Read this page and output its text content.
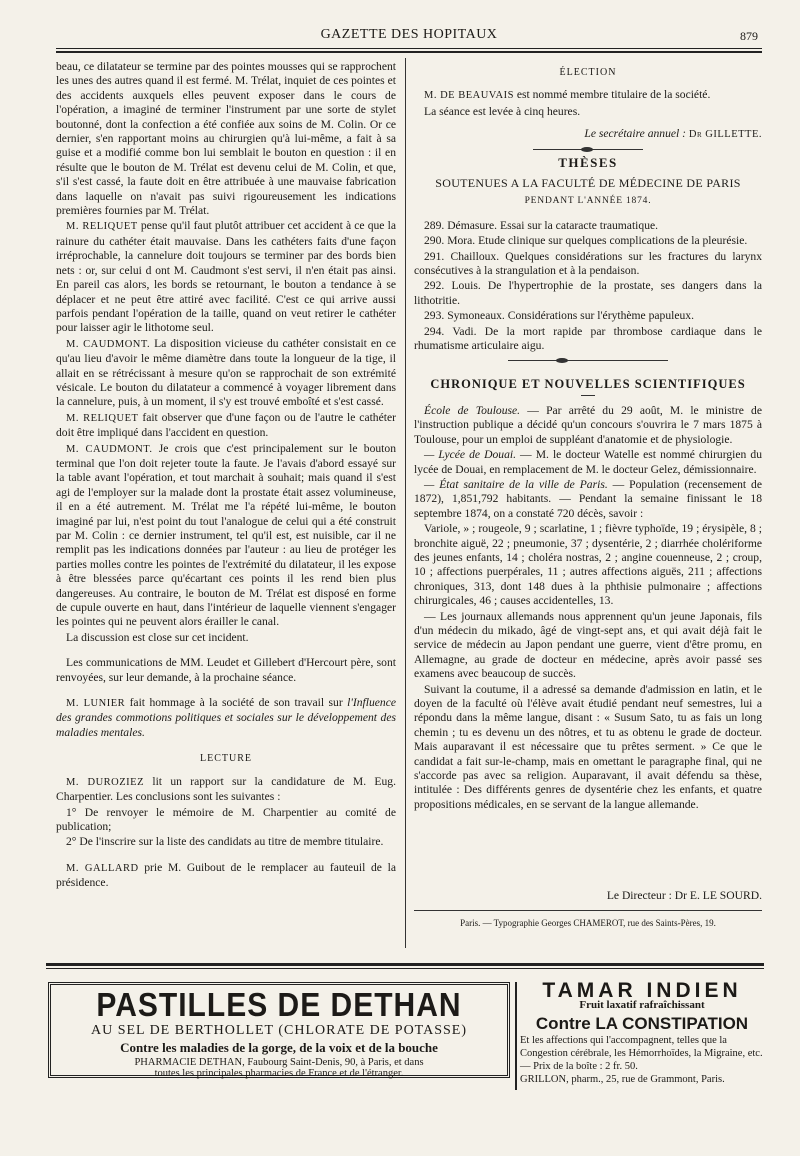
GAZETTE DES HOPITAUX	879

beau, ce dilatateur se termine par des pointes mousses qui se rapprochent les unes des autres quand il est fermé. M. Trélat, inquiet de ces pointes et des accidents auxquels elles peuvent exposer dans le cours de l'opération, a imaginé de terminer l'instrument par une sorte de stylet boutonné, dont la confection a été confiée aux soins de M. Colin. Or ce dernier, s'en rapportant moins au chirurgien qu'à lui-même, a fait à sa guise et a modifié comme bon lui semblait le bouton en question : il en résulte que le bouton de M. Trélat est devenu celui de M. Colin, et que, s'il s'est cassé, la faute doit en être attribuée à une mauvaise fabrication dans laquelle on n'avait pas suivi rigoureusement les indications premières fournies par M. Trélat.

M. RELIQUET pense qu'il faut plutôt attribuer cet accident à ce que la rainure du cathéter était mauvaise. Dans les cathéters faits d'une façon irréprochable, la cannelure doit toujours se terminer par des bords bien nets : or, sur celui d ont M. Caudmont s'est servi, il n'en était pas ainsi. En pareil cas alors, les bords se retournant, le bouton a tendance à se déplacer et ne peut être attiré avec facilité. C'est ce qui arrive aussi parfois pendant l'opération de la taille, quand on veut retirer le cathéter pour laisser agir le lithotome seul.

M. CAUDMONT. La disposition vicieuse du cathéter consistait en ce qu'au lieu d'avoir le même diamètre dans toute la longueur de la tige, il allait en se rétrécissant à mesure qu'on se rapprochait de son extrémité vésicale. Le bouton du dilatateur a commencé à voyager librement dans la cannelure, puis, à un moment, il s'y est trouvé emboîté et s'est cassé.

M. RELIQUET fait observer que d'une façon ou de l'autre le cathéter doit être impliqué dans l'accident en question.

M. CAUDMONT. Je crois que c'est principalement sur le bouton terminal que l'on doit rejeter toute la faute. Je l'avais d'abord essayé sur la table avant l'opération, et tout marchait à souhait; mais quand il s'est agi de l'employer sur la malade dont la prostate était assez volumineuse, il en a été autrement. M. Trélat me l'a répété lui-même, le bouton imaginé par lui, n'est point du tout l'analogue de celui qui a été construit par M. Colin : ce dernier instrument, tel qu'il est, est nuisible, car il ne remplit pas les indications données par l'auteur : au lieu de protéger les parties molles contre les pointes de l'extrémité du dilatateur, il les expose à être blessées parce qu'écartant ces points il les rend bien plus dangereuses. Au contraire, le bouton de M. Trélat est disposé en forme de cupule ouverte en haut, dans l'intérieur de laquelle viennent s'engager les pointes qui ne peuvent alors érailler le canal.

La discussion est close sur cet incident.

Les communications de MM. Leudet et Gillebert d'Hercourt père, sont renvoyées, sur leur demande, à la prochaine séance.

M. LUNIER fait hommage à la société de son travail sur l'Influence des grandes commotions politiques et sociales sur le développement des maladies mentales.

LECTURE

M. DUROZIEZ lit un rapport sur la candidature de M. Eug. Charpentier. Les conclusions sont les suivantes :

1° De renvoyer le mémoire de M. Charpentier au comité de publication;

2° De l'inscrire sur la liste des candidats au titre de membre titulaire.

M. GALLARD prie M. Guibout de le remplacer au fauteuil de la présidence.

ÉLECTION

M. DE BEAUVAIS est nommé membre titulaire de la société.

La séance est levée à cinq heures.

Le secrétaire annuel : Dr GILLETTE.

THÈSES
SOUTENUES A LA FACULTÉ DE MÉDECINE DE PARIS
PENDANT L'ANNÉE 1874.

289. Démasure. Essai sur la cataracte traumatique.

290. Mora. Etude clinique sur quelques complications de la pleurésie.

291. Chailloux. Quelques considérations sur les fractures du larynx consécutives à la strangulation et à la pendaison.

292. Louis. De l'hypertrophie de la prostate, ses dangers dans la lithotritie.

293. Symoneaux. Considérations sur l'érythème papuleux.

294. Vadi. De la mort rapide par thrombose cardiaque dans le rhumatisme articulaire aigu.

CHRONIQUE ET NOUVELLES SCIENTIFIQUES

École de Toulouse. — Par arrêté du 29 août, M. le ministre de l'instruction publique a décidé qu'un concours s'ouvrira le 7 mars 1875 à Toulouse, pour un emploi de suppléant d'anatomie et de physiologie.

— Lycée de Douai. — M. le docteur Watelle est nommé chirurgien du lycée de Douai, en remplacement de M. le docteur Gelez, démissionnaire.

— État sanitaire de la ville de Paris. — Population (recensement de 1872), 1,851,792 habitants. — Pendant la semaine finissant le 18 septembre 1874, on a constaté 720 décès, savoir :

Variole, » ; rougeole, 9 ; scarlatine, 1 ; fièvre typhoïde, 19 ; érysipèle, 8 ; bronchite aiguë, 22 ; pneumonie, 37 ; dysentérie, 2 ; diarrhée cholériforme des jeunes enfants, 14 ; choléra nostras, 2 ; angine couenneuse, 2 ; croup, 10 ; affections puerpérales, 11 ; autres affections aiguës, 211 ; affections chroniques, 313, dont 148 dues à la phthisie pulmonaire ; affections chirurgicales, 46 ; causes accidentelles, 13.

— Les journaux allemands nous apprennent qu'un jeune Japonais, fils d'un médecin du mikado, âgé de vingt-sept ans, et qui avait déjà fait le service de médecin au Japon pendant une guerre, vient d'être promu, en Allemagne, au grade de docteur en médecine, après avoir passé ses examens avec beaucoup de succès.

Suivant la coutume, il a adressé sa demande d'admission en latin, et le doyen de la faculté où l'élève avait étudié pendant neuf semestres, lui a répondu dans la même langue, disant : « Susum Sato, tu as fais un long chemin ; tu es devenu un des nôtres, et tu as obtenu le grade de docteur. Mais auparavant il est nécessaire que tu prêtes serment. » Ce que le candidat a fait sur-le-champ, mais en omettant le paragraphe final, qui ne s'accorde pas avec sa religion. Auparavant, il avait défendu sa thèse, intitulée : Des différents genres de dysentérie chez les enfants, et quatre propositions médicales, en se servant de la langue allemande.

Le Directeur : Dr E. LE SOURD.
Paris. — Typographie Georges CHAMEROT, rue des Saints-Pères, 19.
PASTILLES DE DETHAN
AU SEL DE BERTHOLLET (CHLORATE DE POTASSE)
Contre les maladies de la gorge, de la voix et de la bouche
PHARMACIE DETHAN, Faubourg Saint-Denis, 90, à Paris, et dans
toutes les principales pharmacies de France et de l'étranger.
TAMAR INDIEN
Fruit laxatif rafraîchissant
Contre LA CONSTIPATION
Et les affections qui l'accompagnent, telles que la Congestion cérébrale, les Hémorrhoïdes, la Migraine, etc. — Prix de la boîte : 2 fr. 50.
GRILLON, pharm., 25, rue de Grammont, Paris.
